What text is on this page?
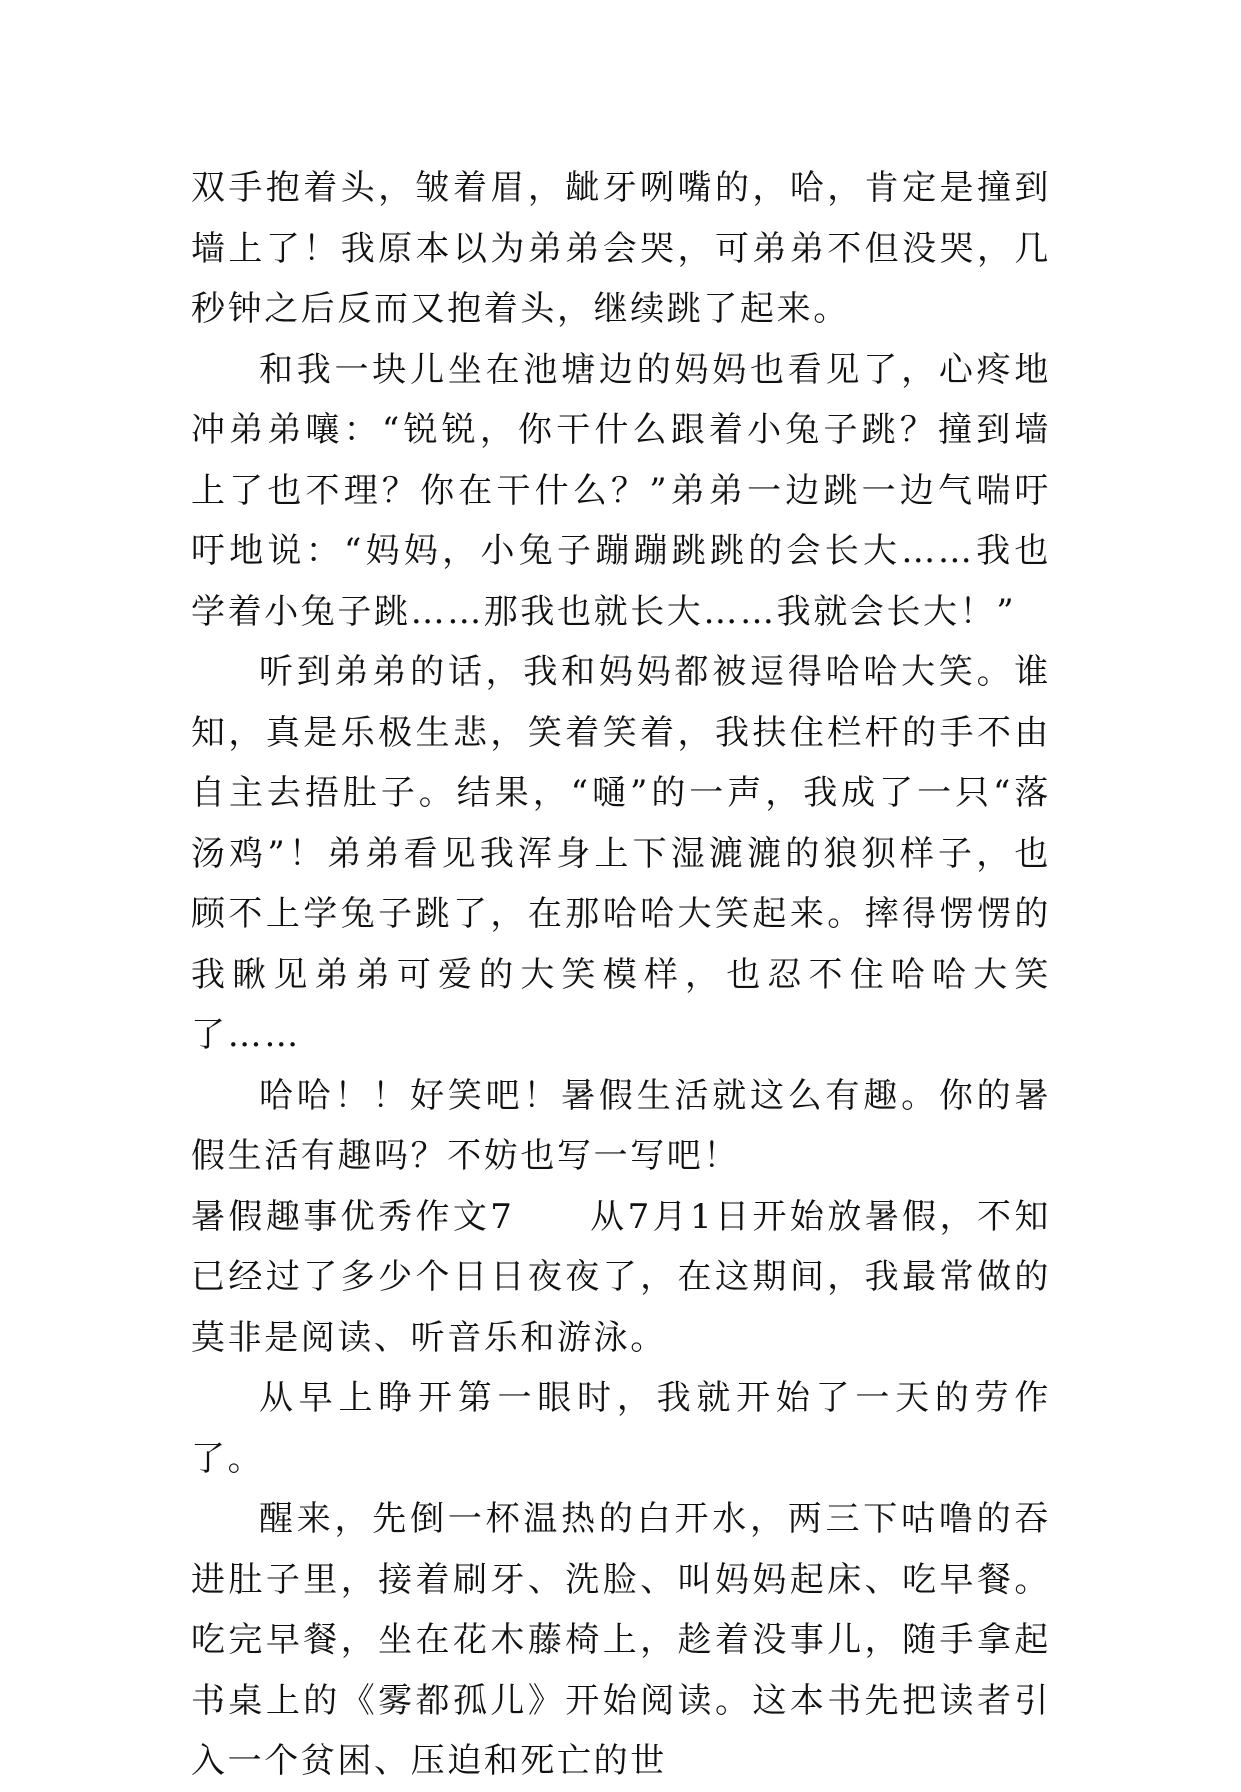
双手抱着头，皱着眉，龇牙咧嘴的，哈，肯定是撞到墙上了！我原本以为弟弟会哭，可弟弟不但没哭，几秒钟之后反而又抱着头，继续跳了起来。

和我一块儿坐在池塘边的妈妈也看见了，心疼地冲弟弟嚷：“锐锐，你干什么跟着小兔子跳？撞到墙上了也不理？你在干什么？”弟弟一边跳一边气喘吁吁地说：“妈妈，小兔子蹦蹦跳跳的会长大……我也学着小兔子跳……那我也就长大……我就会长大！”

听到弟弟的话，我和妈妈都被逗得哈哈大笑。谁知，真是乐极生悲，笑着笑着，我扶住栏杆的手不由自主去捂肚子。结果，“嗵”的一声，我成了一只“落汤鸡”！弟弟看见我浑身上下湿漉漉的狼狈样子，也顾不上学兔子跳了，在那哈哈大笑起来。摔得愣愣的我瞅见弟弟可爱的大笑模样，也忍不住哈哈大笑了……

哈哈！！好笑吧！暑假生活就这么有趣。你的暑假生活有趣吗？不妨也写一写吧！

暑假趣事优秀作文7　　从7月1日开始放暑假，不知已经过了多少个日日夜夜了，在这期间，我最常做的莫非是阅读、听音乐和游泳。

从早上睁开第一眼时，我就开始了一天的劳作了。

醒来，先倒一杯温热的白开水，两三下咕噜的吞进肚子里，接着刷牙、洗脸、叫妈妈起床、吃早餐。吃完早餐，坐在花木藤椅上，趁着没事儿，随手拿起书桌上的《雾都孤儿》开始阅读。这本书先把读者引入一个贫困、压迫和死亡的世
